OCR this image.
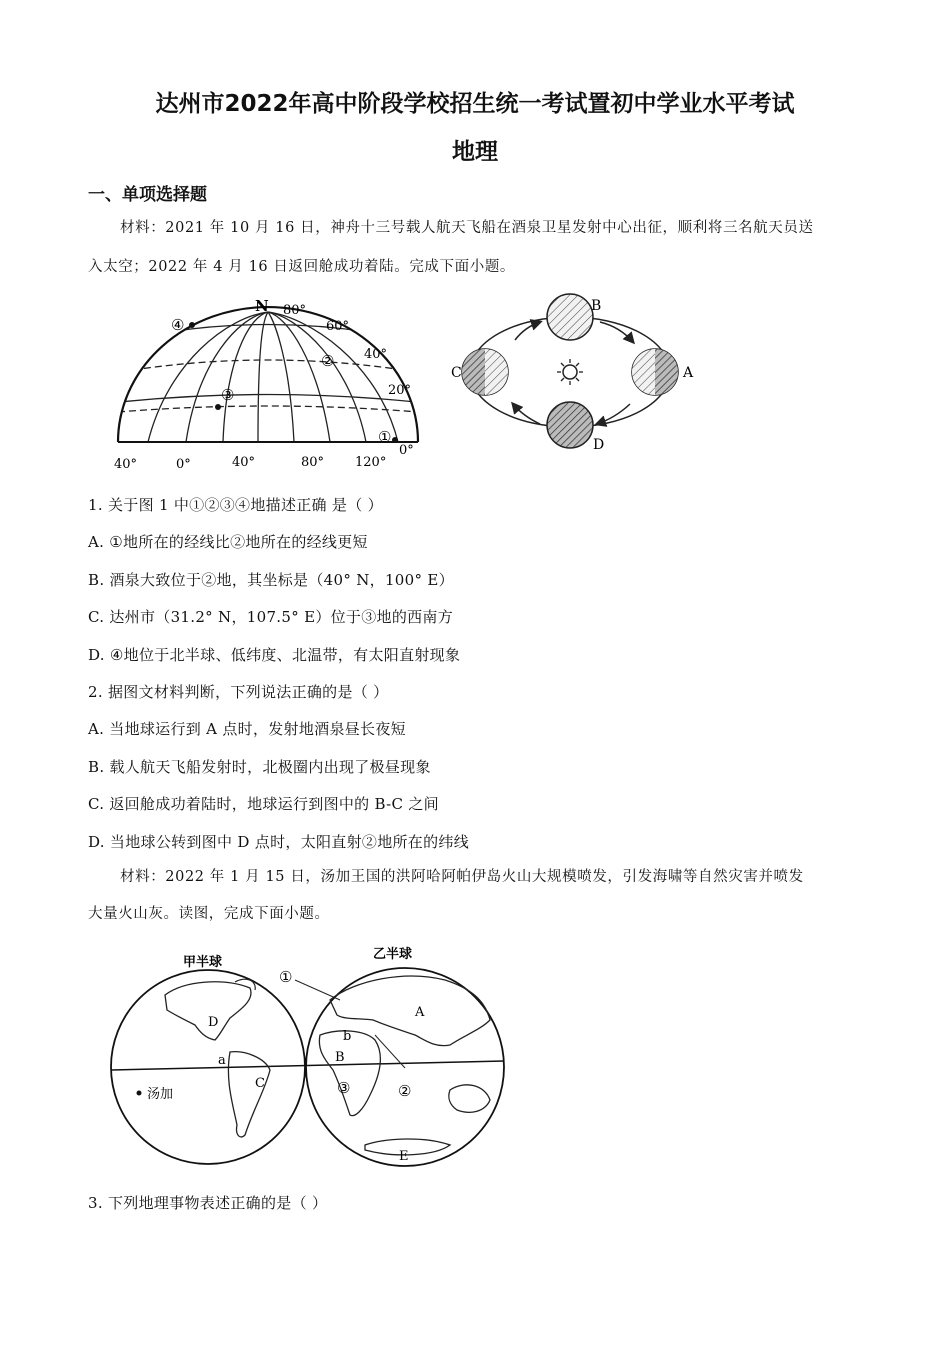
达州市2022年高中阶段学校招生统一考试置初中学业水平考试
地理
一、单项选择题
材料：2021 年 10 月 16 日，神舟十三号载人航天飞船在酒泉卫星发射中心出征，顺利将三名航天员送
入太空；2022 年 4 月 16 日返回舱成功着陆。完成下面小题。
N 80°
60°
40°
20°
0°
40°	0°	40°	80° 120°
①
②
③
④
A
B
C
D
1. 关于图 1 中①②③④地描述正确 是（ ）
A. ①地所在的经线比②地所在的经线更短
B. 酒泉大致位于②地，其坐标是（40° N，100° E）
C. 达州市（31.2° N，107.5° E）位于③地的西南方
D. ④地位于北半球、低纬度、北温带，有太阳直射现象
2. 据图文材料判断，下列说法正确的是（ ）
A. 当地球运行到 A 点时，发射地酒泉昼长夜短
B. 载人航天飞船发射时，北极圈内出现了极昼现象
C. 返回舱成功着陆时，地球运行到图中的 B-C 之间
D. 当地球公转到图中 D 点时，太阳直射②地所在的纬线
材料：2022 年 1 月 15 日，汤加王国的洪阿哈阿帕伊岛火山大规模喷发，引发海啸等自然灾害并喷发
大量火山灰。读图，完成下面小题。
甲半球
乙半球
D
a
C
汤加
A
b
B
E
①
②
③
3. 下列地理事物表述正确的是（ ）
